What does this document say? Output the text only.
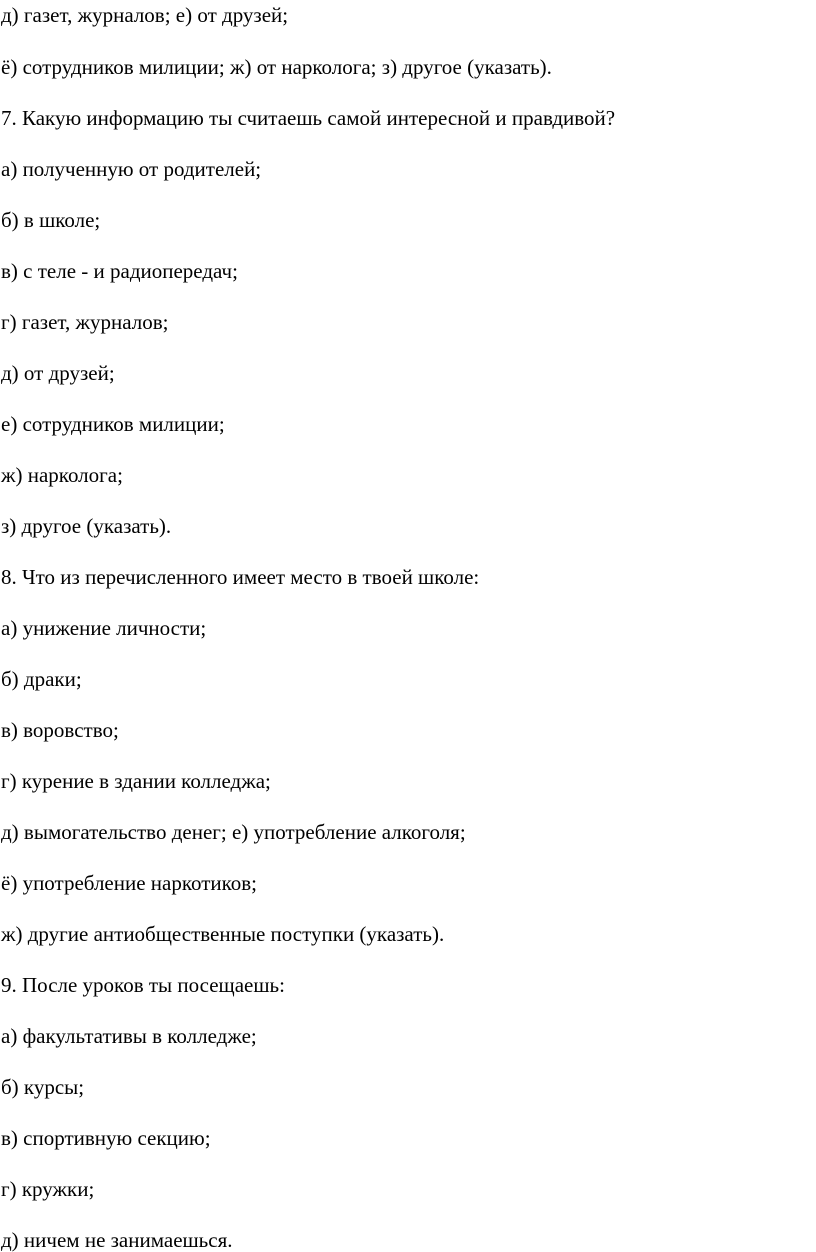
д) газет, журналов; е) от друзей;
ё) сотрудников милиции; ж) от нарколога; з) другое (указать).
7. Какую информацию ты считаешь самой интересной и правдивой?
а) полученную от родителей;
б) в школе;
в) с теле - и радиопередач;
г) газет, журналов;
д) от друзей;
е) сотрудников милиции;
ж) нарколога;
з) другое (указать).
8. Что из перечисленного имеет место в твоей школе:
а) унижение личности;
б) драки;
в) воровство;
г) курение в здании колледжа;
д) вымогательство денег; е) употребление алкоголя;
ё) употребление наркотиков;
ж) другие антиобщественные поступки (указать).
9. После уроков ты посещаешь:
а) факультативы в колледже;
б) курсы;
в) спортивную секцию;
г) кружки;
д) ничем не занимаешься.
